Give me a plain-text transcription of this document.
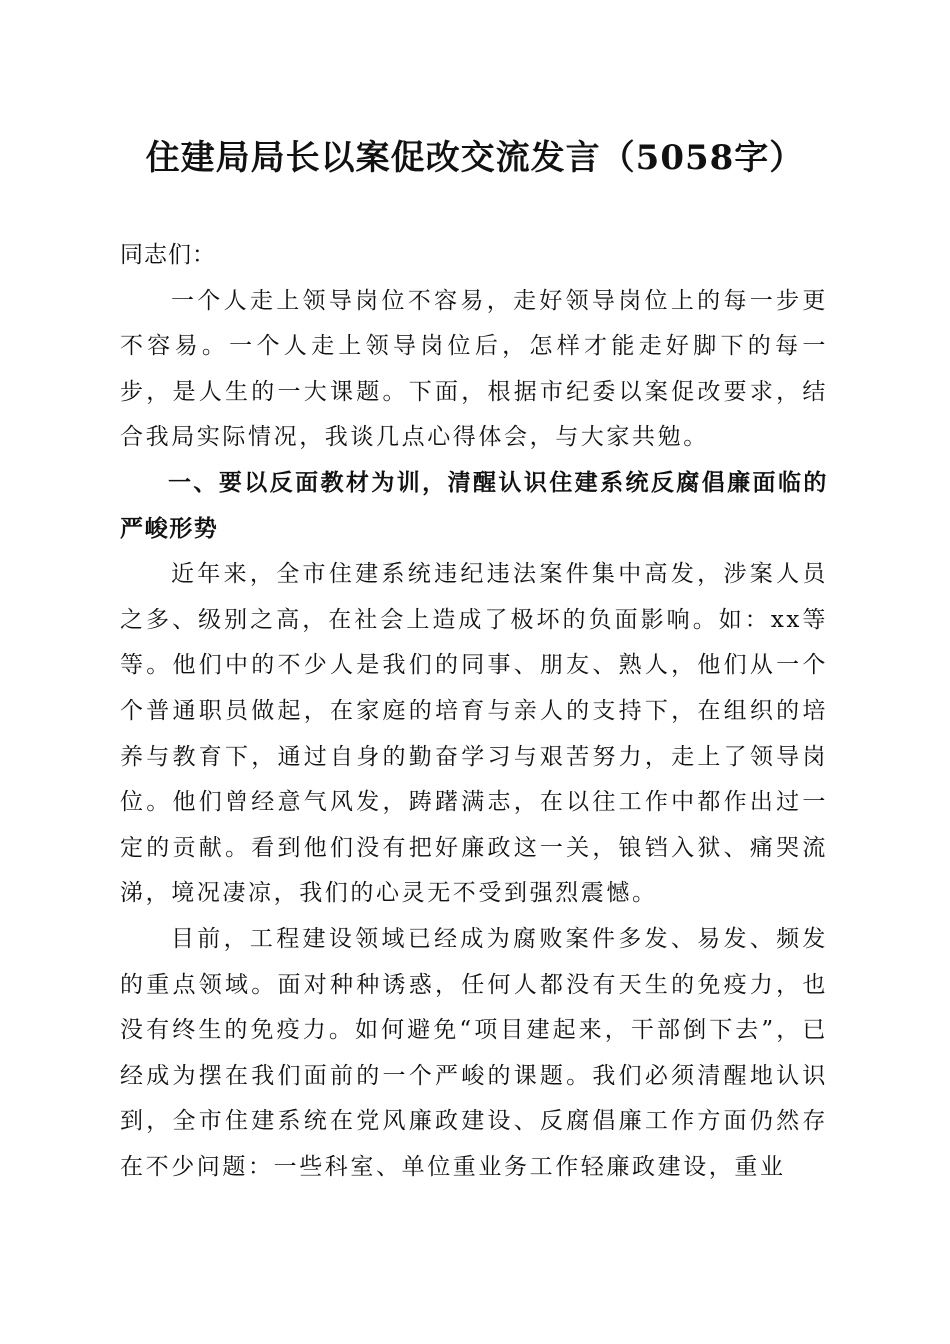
住建局局长以案促改交流发言（5058字）

同志们：

一个人走上领导岗位不容易，走好领导岗位上的每一步更不容易。一个人走上领导岗位后，怎样才能走好脚下的每一步，是人生的一大课题。下面，根据市纪委以案促改要求，结合我局实际情况，我谈几点心得体会，与大家共勉。

一、要以反面教材为训，清醒认识住建系统反腐倡廉面临的严峻形势

近年来，全市住建系统违纪违法案件集中高发，涉案人员之多、级别之高，在社会上造成了极坏的负面影响。如：xx等等。他们中的不少人是我们的同事、朋友、熟人，他们从一个个普通职员做起，在家庭的培育与亲人的支持下，在组织的培养与教育下，通过自身的勤奋学习与艰苦努力，走上了领导岗位。他们曾经意气风发，踌躇满志，在以往工作中都作出过一定的贡献。看到他们没有把好廉政这一关，锒铛入狱、痛哭流涕，境况凄凉，我们的心灵无不受到强烈震憾。

目前，工程建设领域已经成为腐败案件多发、易发、频发的重点领域。面对种种诱惑，任何人都没有天生的免疫力，也没有终生的免疫力。如何避免“项目建起来，干部倒下去”，已经成为摆在我们面前的一个严峻的课题。我们必须清醒地认识到，全市住建系统在党风廉政建设、反腐倡廉工作方面仍然存在不少问题：一些科室、单位重业务工作轻廉政建设，重业
